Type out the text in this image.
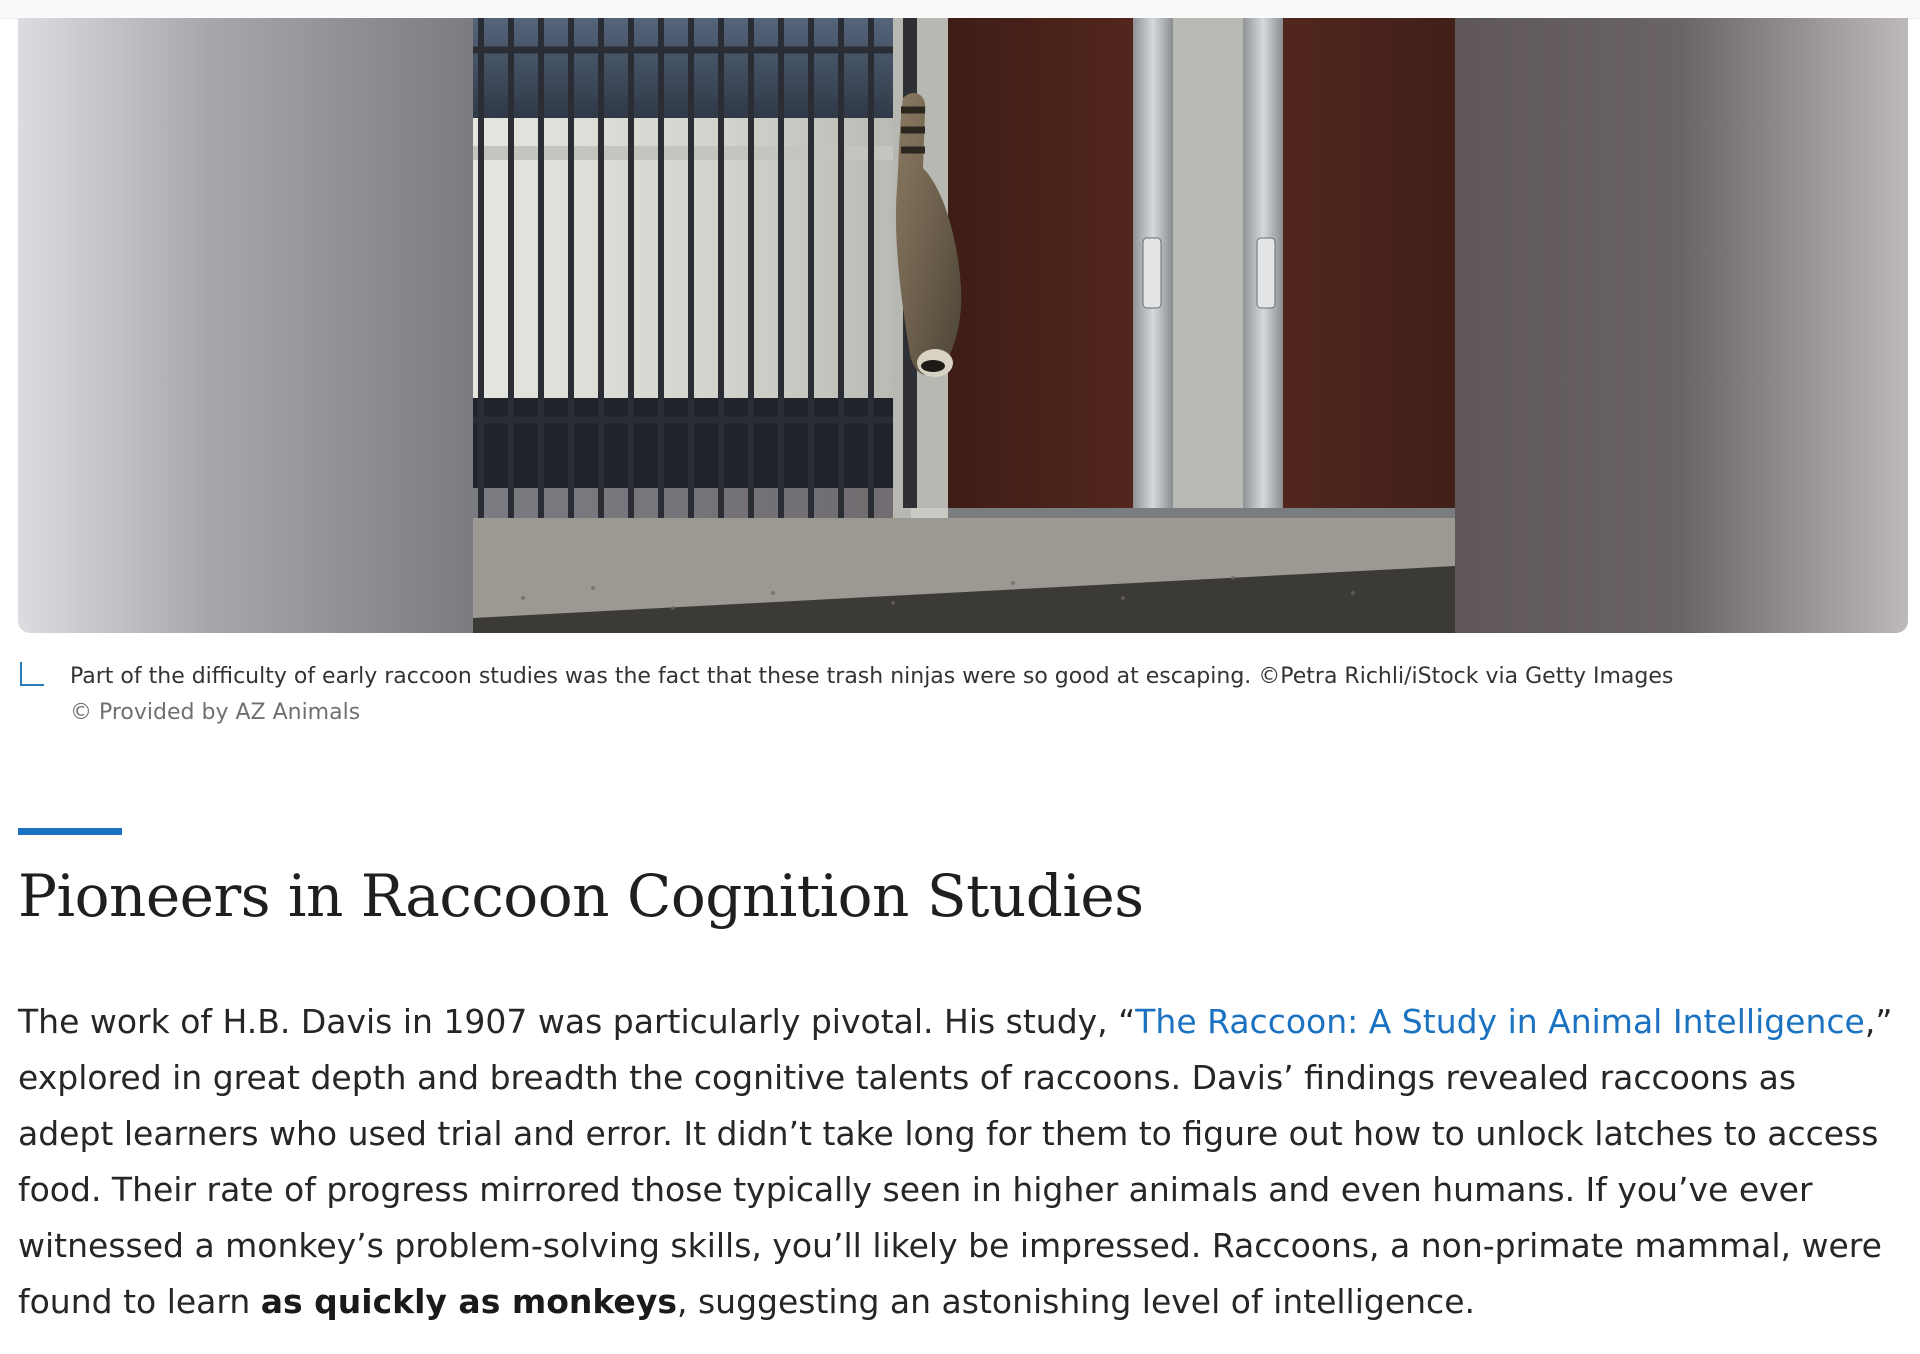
Part of the difficulty of early raccoon studies was the fact that these trash ninjas were so good at escaping. ©Petra Richli/iStock via Getty Images
© Provided by AZ Animals
Pioneers in Raccoon Cognition Studies

The work of H.B. Davis in 1907 was particularly pivotal. His study, “The Raccoon: A Study in Animal Intelligence,” explored in great depth and breadth the cognitive talents of raccoons. Davis’ findings revealed raccoons as adept learners who used trial and error. It didn’t take long for them to figure out how to unlock latches to access food. Their rate of progress mirrored those typically seen in higher animals and even humans. If you’ve ever witnessed a monkey’s problem-solving skills, you’ll likely be impressed. Raccoons, a non-primate mammal, were found to learn as quickly as monkeys, suggesting an astonishing level of intelligence.
